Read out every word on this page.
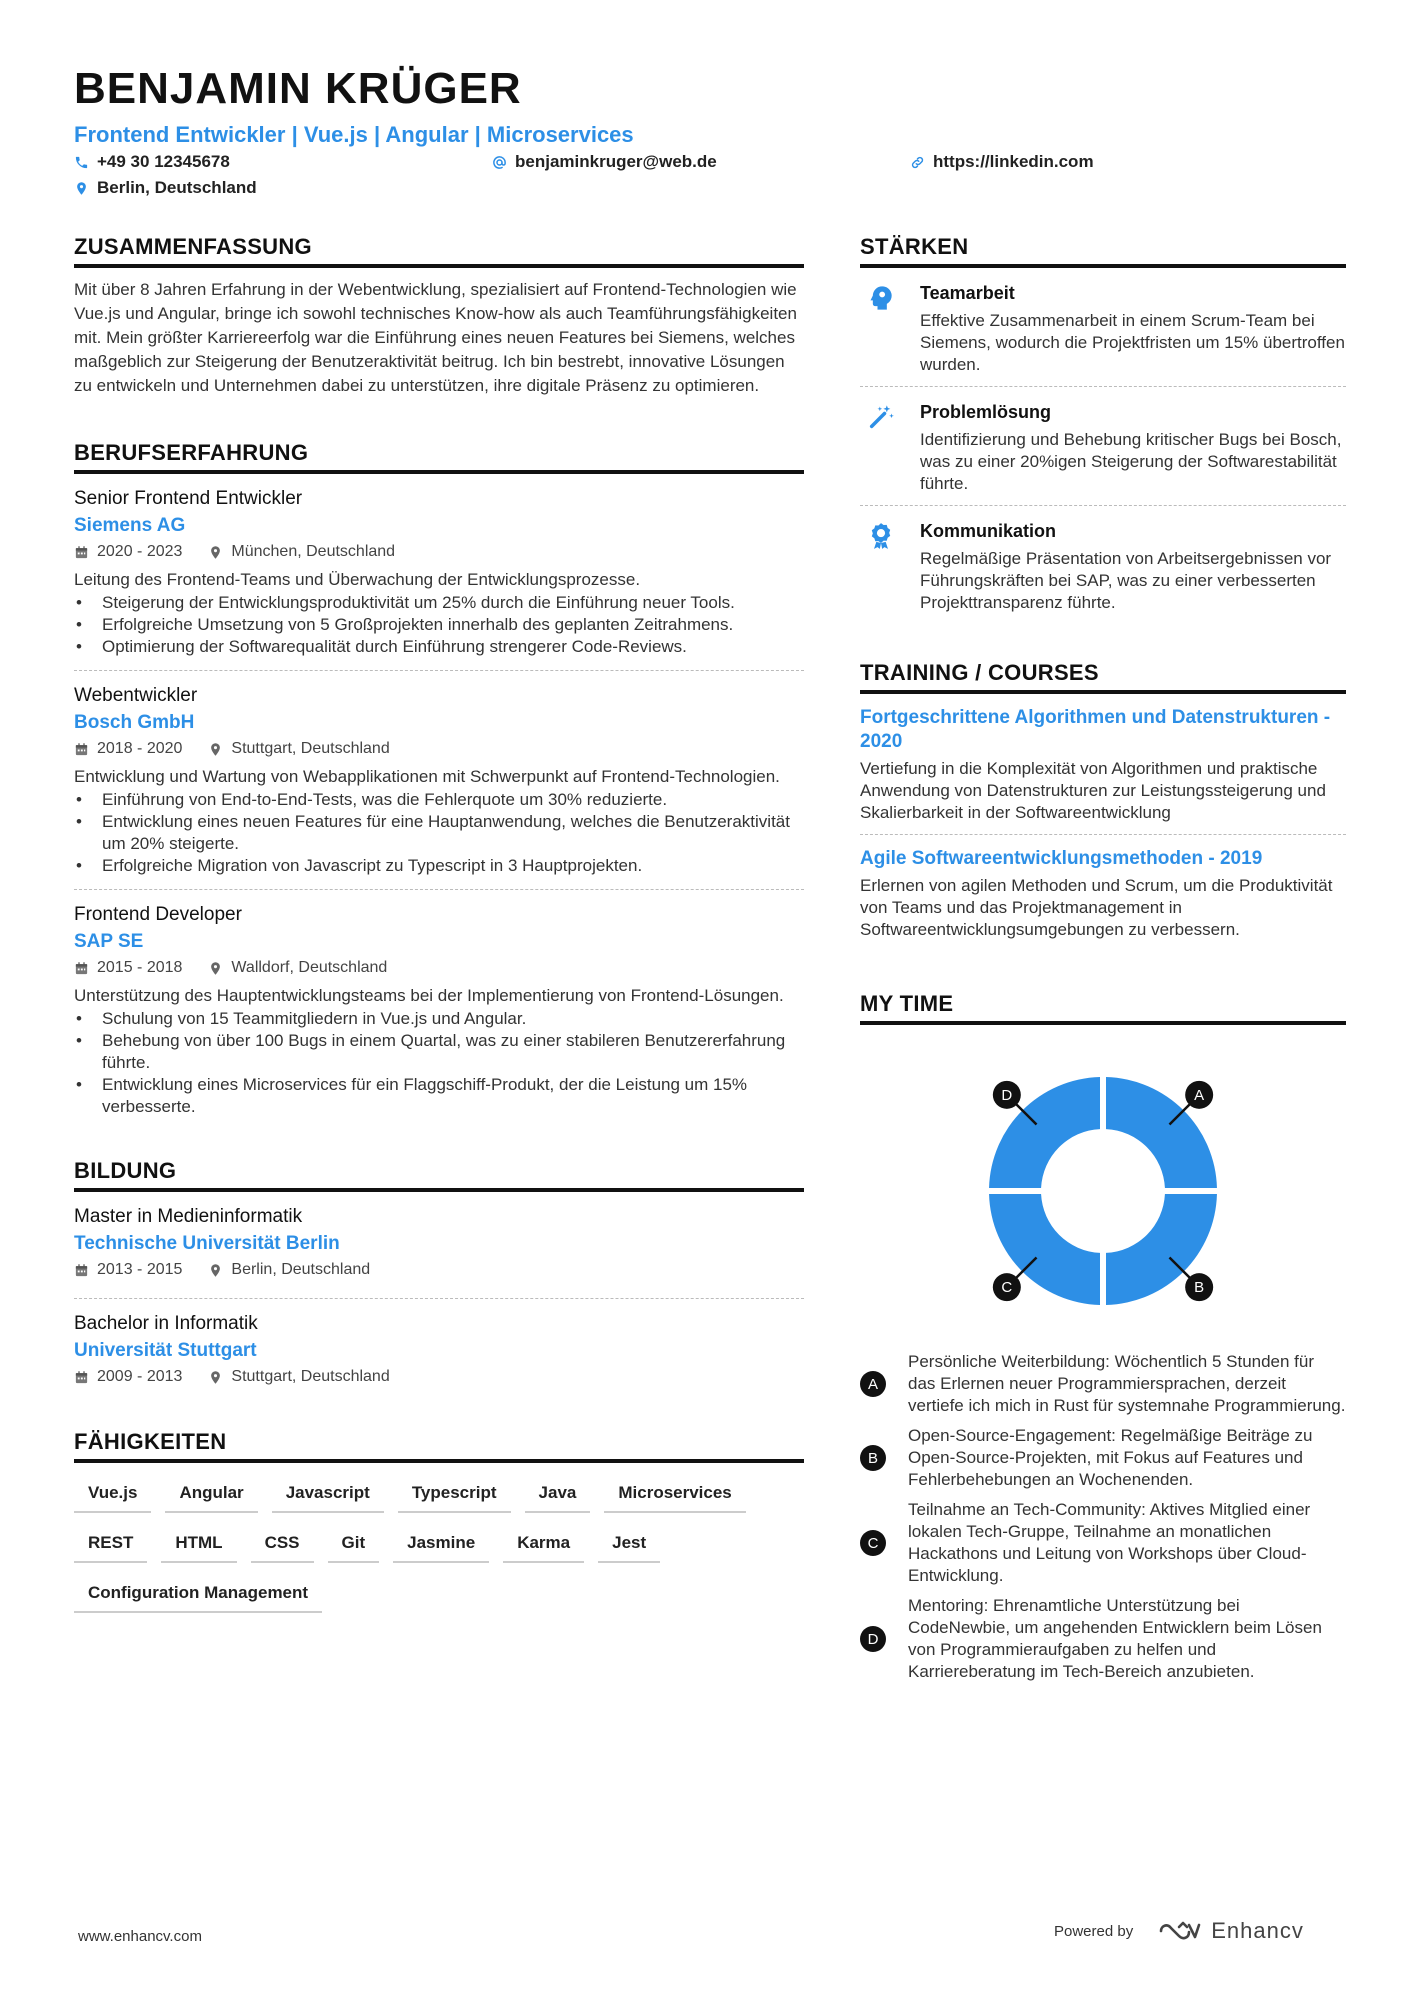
BENJAMIN KRÜGER
Frontend Entwickler | Vue.js | Angular | Microservices
+49 30 12345678	benjaminkruger@web.de	https://linkedin.com
Berlin, Deutschland
ZUSAMMENFASSUNG
Mit über 8 Jahren Erfahrung in der Webentwicklung, spezialisiert auf Frontend-Technologien wie Vue.js und Angular, bringe ich sowohl technisches Know-how als auch Teamführungsfähigkeiten mit. Mein größter Karriereerfolg war die Einführung eines neuen Features bei Siemens, welches maßgeblich zur Steigerung der Benutzeraktivität beitrug. Ich bin bestrebt, innovative Lösungen zu entwickeln und Unternehmen dabei zu unterstützen, ihre digitale Präsenz zu optimieren.
BERUFSERFAHRUNG
Senior Frontend Entwickler
Siemens AG
2020 - 2023	München, Deutschland
Leitung des Frontend-Teams und Überwachung der Entwicklungsprozesse.
• Steigerung der Entwicklungsproduktivität um 25% durch die Einführung neuer Tools.
• Erfolgreiche Umsetzung von 5 Großprojekten innerhalb des geplanten Zeitrahmens.
• Optimierung der Softwarequalität durch Einführung strengerer Code-Reviews.
Webentwickler
Bosch GmbH
2018 - 2020	Stuttgart, Deutschland
Entwicklung und Wartung von Webapplikationen mit Schwerpunkt auf Frontend-Technologien.
• Einführung von End-to-End-Tests, was die Fehlerquote um 30% reduzierte.
• Entwicklung eines neuen Features für eine Hauptanwendung, welches die Benutzeraktivität um 20% steigerte.
• Erfolgreiche Migration von Javascript zu Typescript in 3 Hauptprojekten.
Frontend Developer
SAP SE
2015 - 2018	Walldorf, Deutschland
Unterstützung des Hauptentwicklungsteams bei der Implementierung von Frontend-Lösungen.
• Schulung von 15 Teammitgliedern in Vue.js und Angular.
• Behebung von über 100 Bugs in einem Quartal, was zu einer stabileren Benutzererfahrung führte.
• Entwicklung eines Microservices für ein Flaggschiff-Produkt, der die Leistung um 15% verbesserte.
BILDUNG
Master in Medieninformatik
Technische Universität Berlin
2013 - 2015	Berlin, Deutschland
Bachelor in Informatik
Universität Stuttgart
2009 - 2013	Stuttgart, Deutschland
FÄHIGKEITEN
Vue.js	Angular	Javascript	Typescript	Java	Microservices
REST	HTML	CSS	Git	Jasmine	Karma	Jest
Configuration Management
STÄRKEN
Teamarbeit
Effektive Zusammenarbeit in einem Scrum-Team bei Siemens, wodurch die Projektfristen um 15% übertroffen wurden.
Problemlösung
Identifizierung und Behebung kritischer Bugs bei Bosch, was zu einer 20%igen Steigerung der Softwarestabilität führte.
Kommunikation
Regelmäßige Präsentation von Arbeitsergebnissen vor Führungskräften bei SAP, was zu einer verbesserten Projekttransparenz führte.
TRAINING / COURSES
Fortgeschrittene Algorithmen und Datenstrukturen - 2020
Vertiefung in die Komplexität von Algorithmen und praktische Anwendung von Datenstrukturen zur Leistungssteigerung und Skalierbarkeit in der Softwareentwicklung
Agile Softwareentwicklungsmethoden - 2019
Erlernen von agilen Methoden und Scrum, um die Produktivität von Teams und das Projektmanagement in Softwareentwicklungsumgebungen zu verbessern.
MY TIME
A
B
C
D
A
Persönliche Weiterbildung: Wöchentlich 5 Stunden für das Erlernen neuer Programmiersprachen, derzeit vertiefe ich mich in Rust für systemnahe Programmierung.
B
Open-Source-Engagement: Regelmäßige Beiträge zu Open-Source-Projekten, mit Fokus auf Features und Fehlerbehebungen an Wochenenden.
C
Teilnahme an Tech-Community: Aktives Mitglied einer lokalen Tech-Gruppe, Teilnahme an monatlichen Hackathons und Leitung von Workshops über Cloud-Entwicklung.
D
Mentoring: Ehrenamtliche Unterstützung bei CodeNewbie, um angehenden Entwicklern beim Lösen von Programmieraufgaben zu helfen und Karriereberatung im Tech-Bereich anzubieten.
www.enhancv.com	Powered by	Enhancv
